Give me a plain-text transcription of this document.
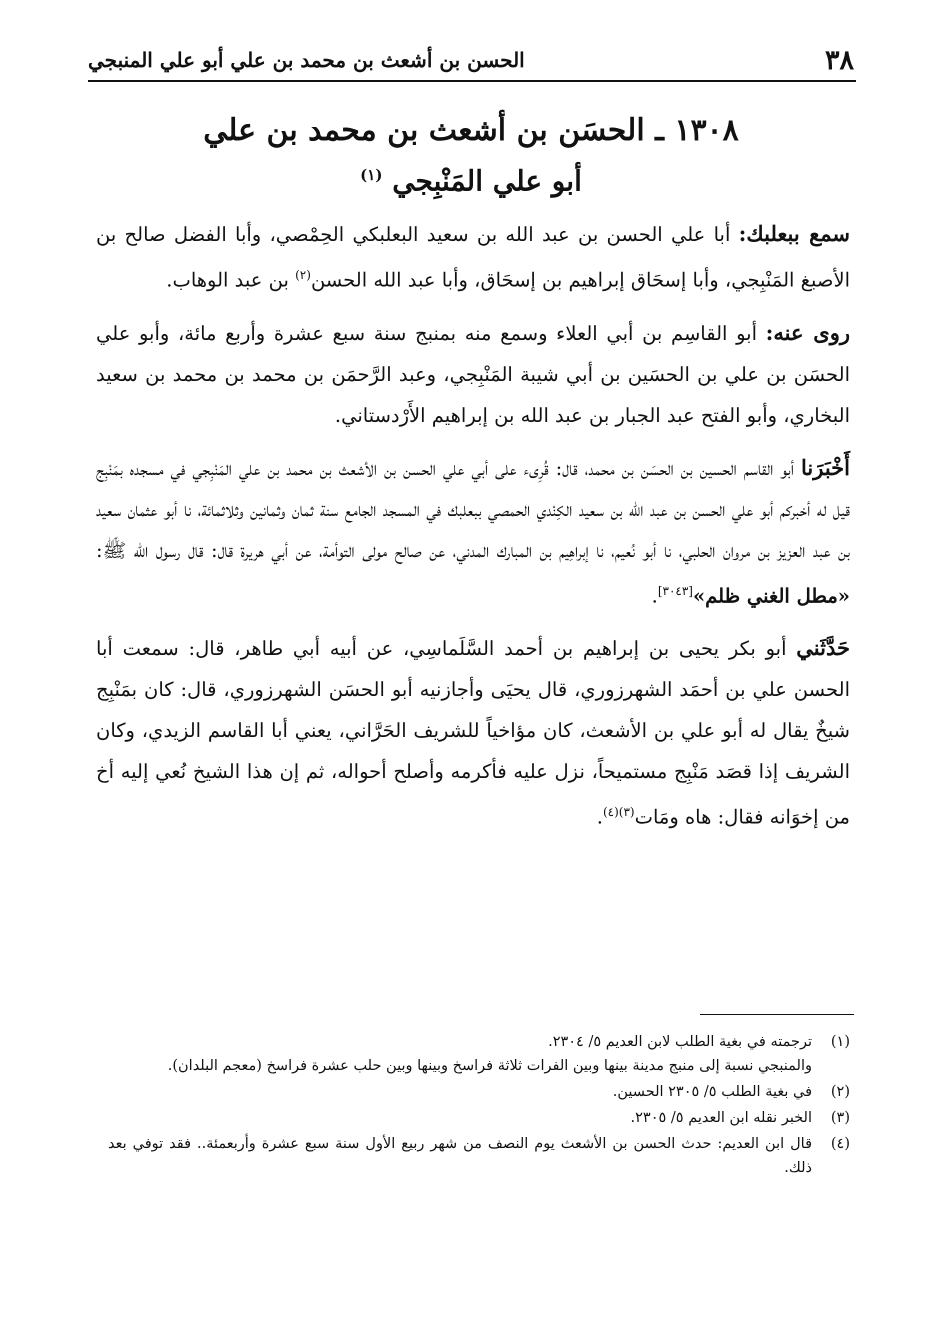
٣٨
الحسن بن أشعث بن محمد بن علي أبو علي المنبجي
١٣٠٨ ـ الحسَن بن أشعث بن محمد بن علي
أبو علي المَنْبِجي $^{(١)}$

سمع ببعلبك: أبا علي الحسن بن عبد الله بن سعيد البعلبكي الحِمْصي، وأبا الفضل صالح بن الأصبغ المَنْبِجي، وأبا إسحَاق إبراهيم بن إسحَاق، وأبا عبد الله الحسن$^{(٢)}$ بن عبد الوهاب.

روى عنه: أبو القاسِم بن أبي العلاء وسمع منه بمنبج سنة سبع عشرة وأربع مائة، وأبو علي الحسَن بن علي بن الحسَين بن أبي شيبة المَنْبِجي، وعبد الرَّحمَن بن محمد بن محمد بن سعيد البخاري، وأبو الفتح عبد الجبار بن عبد الله بن إبراهيم الأَرْدستاني.

أَخْبَرَنا أبو القاسم الحسين بن الحسَن بن محمد، قال: قُرِىء على أبي علي الحسن بن الأشعث بن محمد بن علي المَنْبِجي في مسجده بمَنْبِج قيل له أخبركم أبو علي الحسن بن عبد الله بن سعيد الكِنْدي الحمصي ببعلبك في المسجد الجامع سنة ثمان وثمانين وثلاثمائة، نا أبو عثمان سعيد بن عبد العزيز بن مروان الحلبي، نا أبو نُعيم، نا إبراهِيم بن المبارك المدني، عن صالح مولى التوأمة، عن أبي هريرة قال: قال رسول الله ﷺ: «مطل الغني ظلم»[٣٠٤٣].

حَدَّثَني أبو بكر يحيى بن إبراهيم بن أحمد السَّلَماسِي، عن أبيه أبي طاهر، قال: سمعت أبا الحسن علي بن أحمَد الشهرزوري، قال يحيَى وأجازنيه أبو الحسَن الشهرزوري، قال: كان بمَنْبِج شيخٌ يقال له أبو علي بن الأشعث، كان مؤاخياً للشريف الحَرَّاني، يعني أبا القاسم الزيدي، وكان الشريف إذا قصَد مَنْبِج مستميحاً، نزل عليه فأكرمه وأصلح أحواله، ثم إن هذا الشيخ نُعي إليه أخ من إخوَانه فقال: هاه ومَات$^{(٣)(٤)}$.

(١)
ترجمته في بغية الطلب لابن العديم ٥/ ٢٣٠٤.
والمنبجي نسبة إلى منبج مدينة بينها وبين الفرات ثلاثة فراسخ وبينها وبين حلب عشرة فراسخ (معجم البلدان).
(٢)
في بغية الطلب ٥/ ٢٣٠٥ الحسين.
(٣)
الخبر نقله ابن العديم ٥/ ٢٣٠٥.
(٤)
قال ابن العديم: حدث الحسن بن الأشعث يوم النصف من شهر ربيع الأول سنة سبع عشرة وأربعمئة.. فقد توفي بعد ذلك.
